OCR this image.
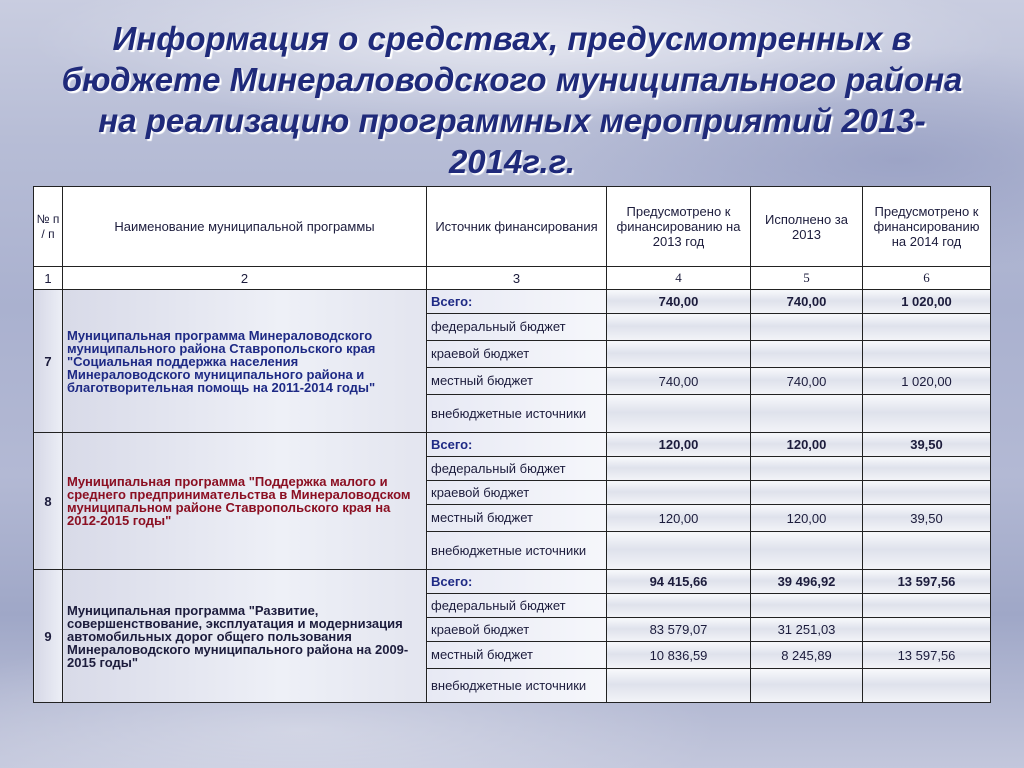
Информация о средствах, предусмотренных в бюджете Минераловодского муниципального района на реализацию программных мероприятий 2013-2014г.г.
№ п / п	Наименование муниципальной программы	Источник финансирования	Предусмотрено к финансированию на 2013 год	Исполнено за 2013	Предусмотрено к финансированию на 2014 год
1	2	3	4	5	6
7	Муниципальная программа Минераловодского муниципального района Ставропольского края "Социальная поддержка населения Минераловодского муниципального района и благотворительная помощь на 2011-2014 годы"	Всего:	740,00	740,00	1 020,00
		федеральный бюджет			
		краевой бюджет			
		местный бюджет	740,00	740,00	1 020,00
		внебюджетные источники			
8	Муниципальная программа "Поддержка малого и среднего предпринимательства в Минераловодском муниципальном районе Ставропольского края на 2012-2015 годы"	Всего:	120,00	120,00	39,50
		федеральный бюджет			
		краевой бюджет			
		местный бюджет	120,00	120,00	39,50
		внебюджетные источники			
9	Муниципальная программа "Развитие, совершенствование, эксплуатация и модернизация автомобильных дорог общего пользования Минераловодского муниципального района на 2009-2015 годы"	Всего:	94 415,66	39 496,92	13 597,56
		федеральный бюджет			
		краевой бюджет	83 579,07	31 251,03	
		местный бюджет	10 836,59	8 245,89	13 597,56
		внебюджетные источники			
